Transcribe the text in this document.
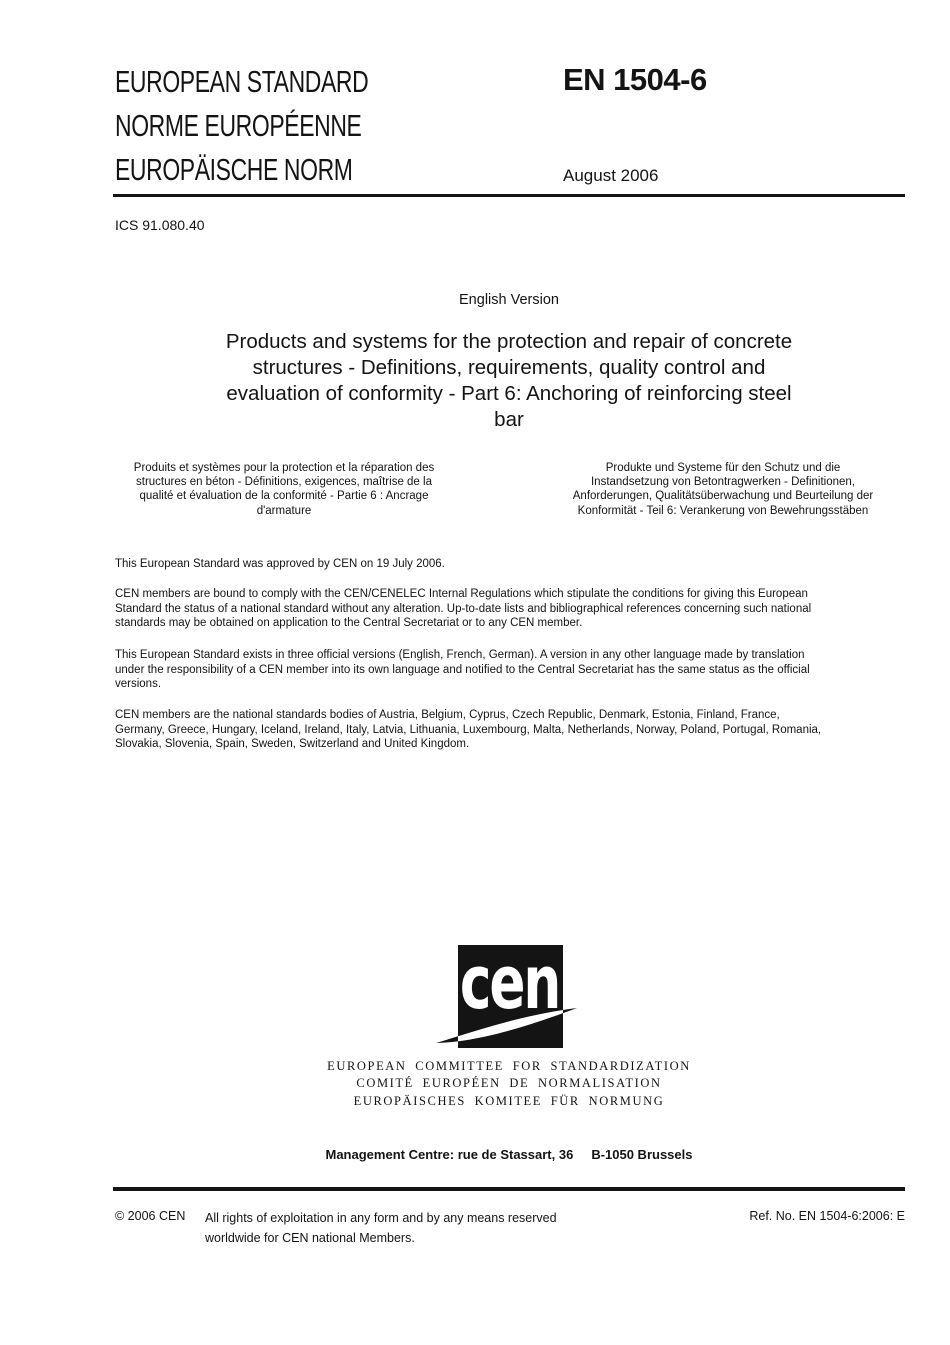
EUROPEAN STANDARD
NORME EUROPÉENNE
EUROPÄISCHE NORM
EN 1504-6
August 2006
ICS 91.080.40
English Version
Products and systems for the protection and repair of concrete
structures - Definitions, requirements, quality control and
evaluation of conformity - Part 6: Anchoring of reinforcing steel
bar
Produits et systèmes pour la protection et la réparation des
structures en béton - Définitions, exigences, maîtrise de la
qualité et évaluation de la conformité - Partie 6 : Ancrage
d'armature
Produkte und Systeme für den Schutz und die
Instandsetzung von Betontragwerken - Definitionen,
Anforderungen, Qualitätsüberwachung und Beurteilung der
Konformität - Teil 6: Verankerung von Bewehrungsstäben
This European Standard was approved by CEN on 19 July 2006.
CEN members are bound to comply with the CEN/CENELEC Internal Regulations which stipulate the conditions for giving this European
Standard the status of a national standard without any alteration. Up-to-date lists and bibliographical references concerning such national
standards may be obtained on application to the Central Secretariat or to any CEN member.
This European Standard exists in three official versions (English, French, German). A version in any other language made by translation
under the responsibility of a CEN member into its own language and notified to the Central Secretariat has the same status as the official
versions.
CEN members are the national standards bodies of Austria, Belgium, Cyprus, Czech Republic, Denmark, Estonia, Finland, France,
Germany, Greece, Hungary, Iceland, Ireland, Italy, Latvia, Lithuania, Luxembourg, Malta, Netherlands, Norway, Poland, Portugal, Romania,
Slovakia, Slovenia, Spain, Sweden, Switzerland and United Kingdom.
cen
EUROPEAN COMMITTEE FOR STANDARDIZATION
COMITÉ EUROPÉEN DE NORMALISATION
EUROPÄISCHES KOMITEE FÜR NORMUNG
Management Centre: rue de Stassart, 36 B-1050 Brussels
© 2006 CEN All rights of exploitation in any form and by any means reserved
worldwide for CEN national Members.
Ref. No. EN 1504-6:2006: E
